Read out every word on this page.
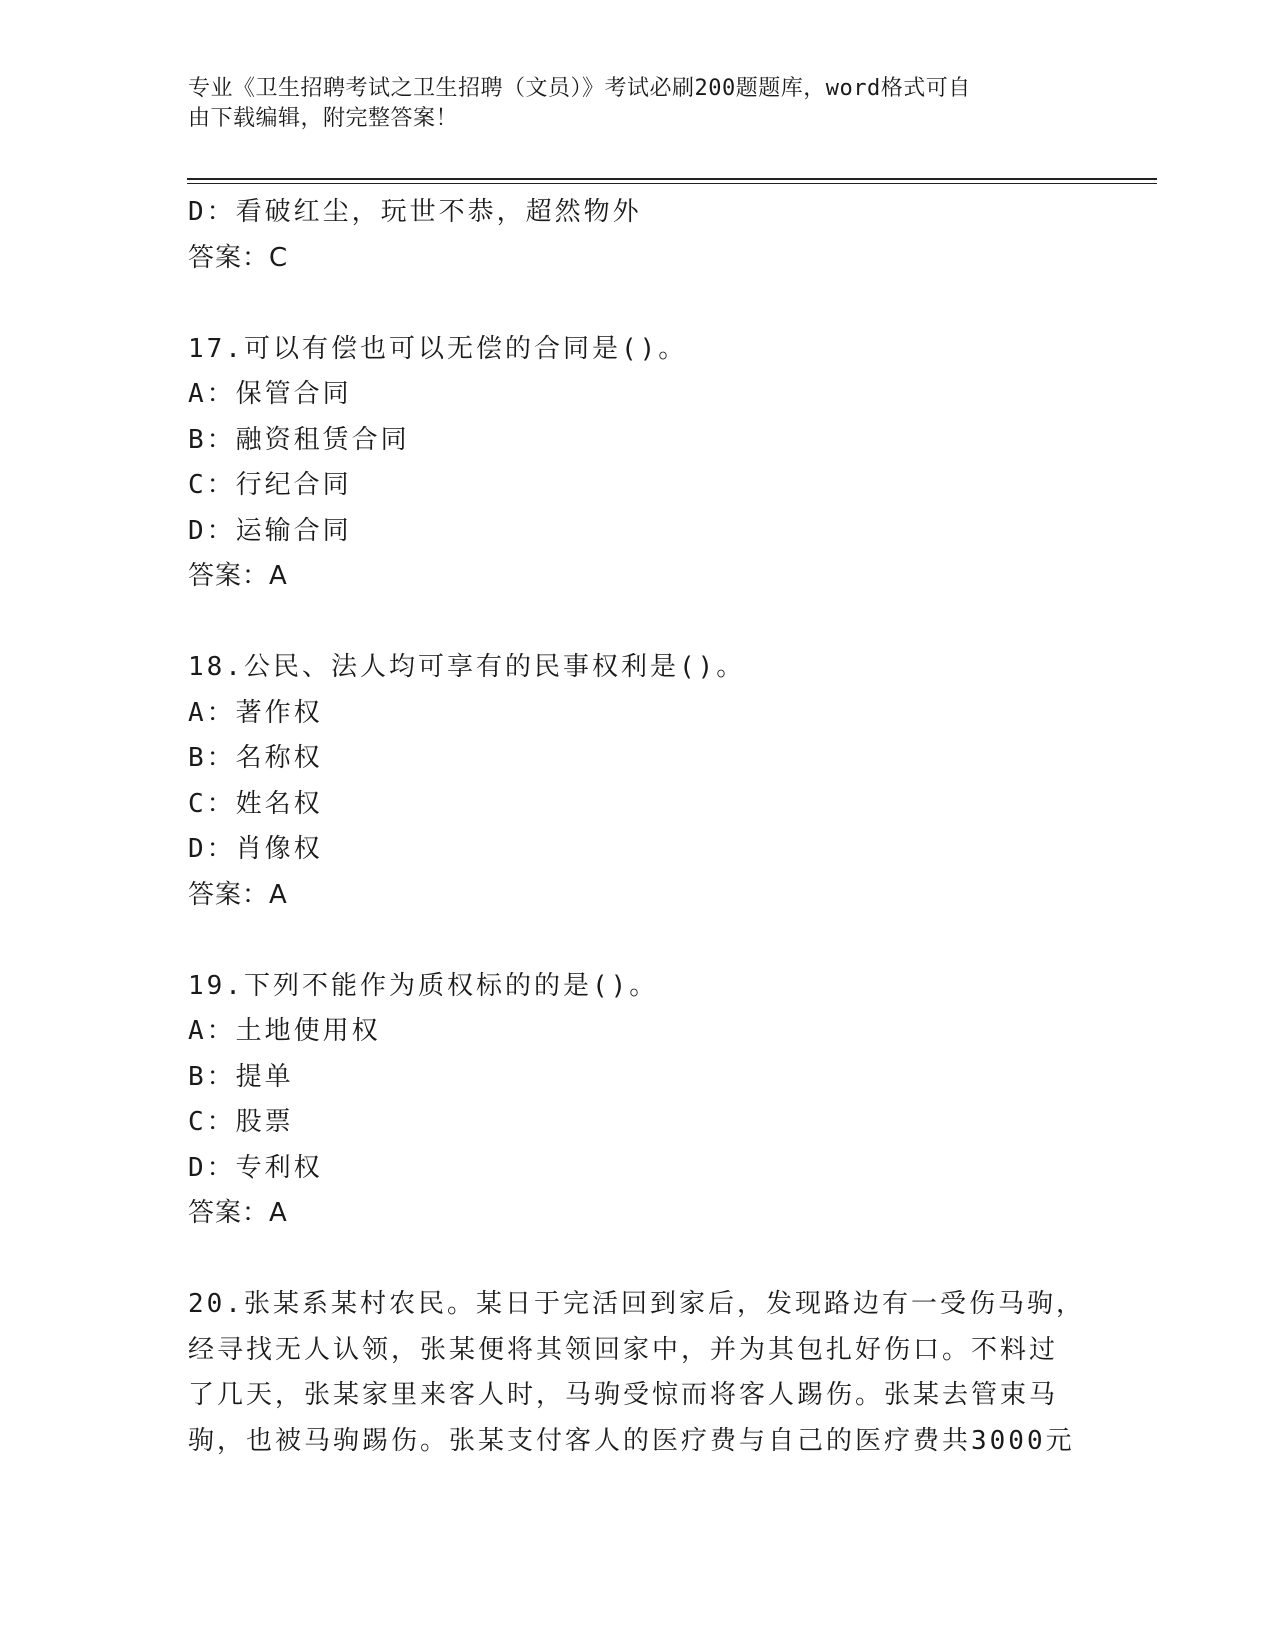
专业《卫生招聘考试之卫生招聘（文员）》考试必刷200题题库，word格式可自
由下载编辑，附完整答案！
D：看破红尘，玩世不恭，超然物外
答案：C
17.可以有偿也可以无偿的合同是()。
A：保管合同
B：融资租赁合同
C：行纪合同
D：运输合同
答案：A
18.公民、法人均可享有的民事权利是()。
A：著作权
B：名称权
C：姓名权
D：肖像权
答案：A
19.下列不能作为质权标的的是()。
A：土地使用权
B：提单
C：股票
D：专利权
答案：A
20.张某系某村农民。某日于完活回到家后，发现路边有一受伤马驹，
经寻找无人认领，张某便将其领回家中，并为其包扎好伤口。不料过
了几天，张某家里来客人时，马驹受惊而将客人踢伤。张某去管束马
驹，也被马驹踢伤。张某支付客人的医疗费与自己的医疗费共3000元
